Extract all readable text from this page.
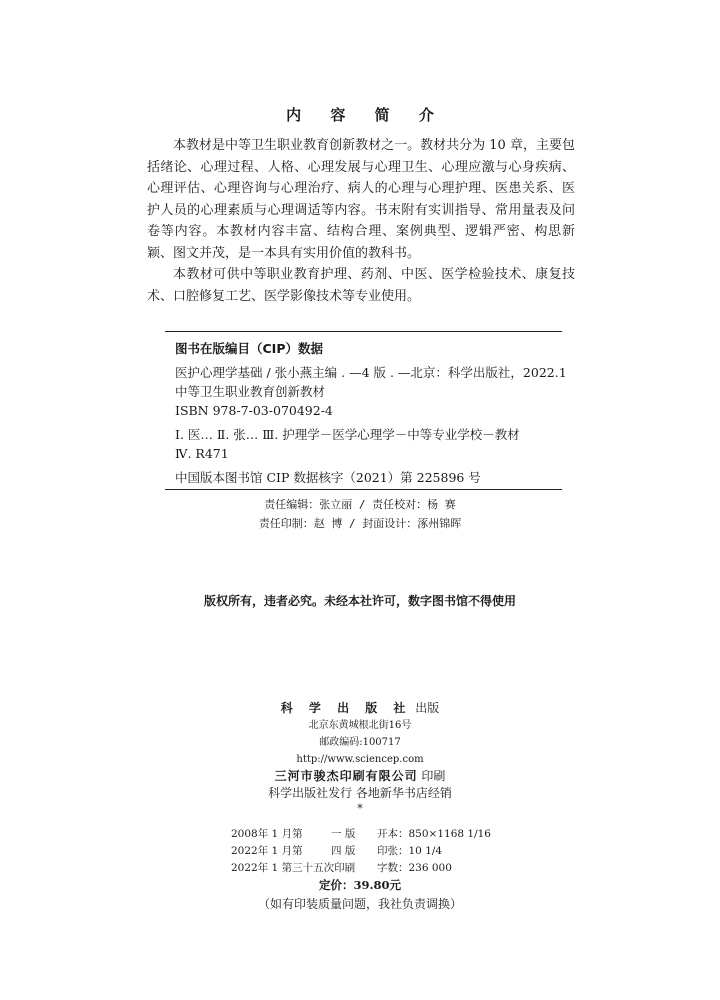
内 容 简 介

本教材是中等卫生职业教育创新教材之一。教材共分为 10 章，主要包括绪论、心理过程、人格、心理发展与心理卫生、心理应激与心身疾病、心理评估、心理咨询与心理治疗、病人的心理与心理护理、医患关系、医护人员的心理素质与心理调适等内容。书末附有实训指导、常用量表及问卷等内容。本教材内容丰富、结构合理、案例典型、逻辑严密、构思新颖、图文并茂，是一本具有实用价值的教科书。

本教材可供中等职业教育护理、药剂、中医、医学检验技术、康复技术、口腔修复工艺、医学影像技术等专业使用。

图书在版编目（CIP）数据
医护心理学基础 / 张小燕主编 . —4 版 . —北京：科学出版社，2022.1
中等卫生职业教育创新教材
ISBN 978-7-03-070492-4
Ⅰ. 医… Ⅱ. 张… Ⅲ. 护理学－医学心理学－中等专业学校－教材
Ⅳ. R471
中国版本图书馆 CIP 数据核字（2021）第 225896 号
责任编辑：张立丽 / 责任校对：杨 赛
责任印制：赵 博 / 封面设计：涿州锦晖
版权所有，违者必究。未经本社许可，数字图书馆不得使用
科 学 出 版 社 出版
北京东黄城根北街16号
邮政编码:100717
http://www.sciencep.com
三河市骏杰印刷有限公司 印刷
科学出版社发行 各地新华书店经销
*
2008年 1 月第	一 版	开本：850×1168 1/16
2022年 1 月第	四 版	印张：10 1/4
2022年 1 第三十五次印刷	字数：236 000
定价：39.80元
（如有印装质量问题，我社负责调换）
